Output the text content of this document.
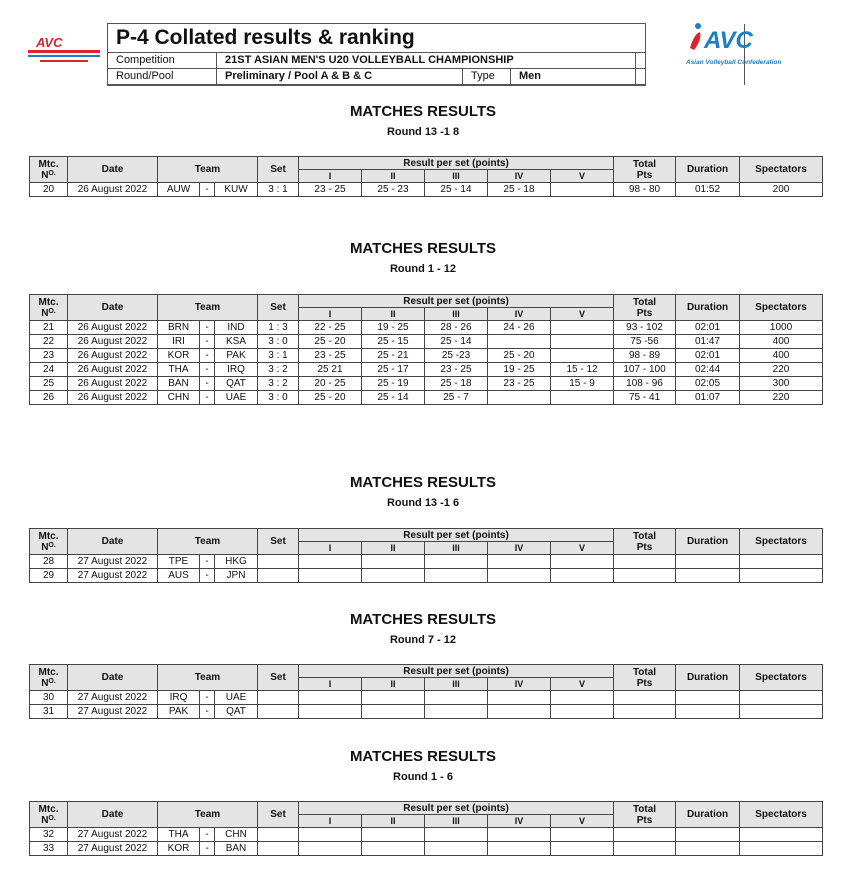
AVC	P-4 Collated results & ranking
Competition	21ST ASIAN MEN'S U20 VOLLEYBALL CHAMPIONSHIP
Round/Pool	Preliminary / Pool A & B & C	Type	Men
AVC
Asian Volleyball Confederation
MATCHES RESULTS
Round 13 -1 8
Mtc.
$N^{O.}$	Date	Team			Set	Result per set (points)					Total
Pts	Duration	Spectators
						I	II	III	IV	V			
20	26 August 2022	AUW	-	KUW	3 : 1	23 - 25	25 - 23	25 - 14	25 - 18		98 - 80	01:52	200
MATCHES RESULTS
Round 1 - 12
Mtc.
$N^{O.}$	Date	Team			Set	Result per set (points)					Total
Pts	Duration	Spectators
						I	II	III	IV	V			
21	26 August 2022	BRN	-	IND	1 : 3	22 - 25	19 - 25	28 - 26	24 - 26		93 - 102	02:01	1000
22	26 August 2022	IRI	-	KSA	3 : 0	25 - 20	25 - 15	25 - 14			75 -56	01:47	400
23	26 August 2022	KOR	-	PAK	3 : 1	23 - 25	25 - 21	25 -23	25 - 20		98 - 89	02:01	400
24	26 August 2022	THA	-	IRQ	3 : 2	25 21	25 - 17	23 - 25	19 - 25	15 - 12	107 - 100	02:44	220
25	26 August 2022	BAN	-	QAT	3 : 2	20 - 25	25 - 19	25 - 18	23 - 25	15 - 9	108 - 96	02:05	300
26	26 August 2022	CHN	-	UAE	3 : 0	25 - 20	25 - 14	25 - 7			75 - 41	01:07	220
MATCHES RESULTS
Round 13 -1 6
Mtc.
$N^{O.}$	Date	Team			Set	Result per set (points)					Total
Pts	Duration	Spectators
						I	II	III	IV	V			
28	27 August 2022	TPE	-	HKG									
29	27 August 2022	AUS	-	JPN									
MATCHES RESULTS
Round 7 - 12
Mtc.
$N^{O.}$	Date	Team			Set	Result per set (points)					Total
Pts	Duration	Spectators
						I	II	III	IV	V			
30	27 August 2022	IRQ	-	UAE									
31	27 August 2022	PAK	-	QAT									
MATCHES RESULTS
Round 1 - 6
Mtc.
$N^{O.}$	Date	Team			Set	Result per set (points)					Total
Pts	Duration	Spectators
						I	II	III	IV	V			
32	27 August 2022	THA	-	CHN									
33	27 August 2022	KOR	-	BAN									
